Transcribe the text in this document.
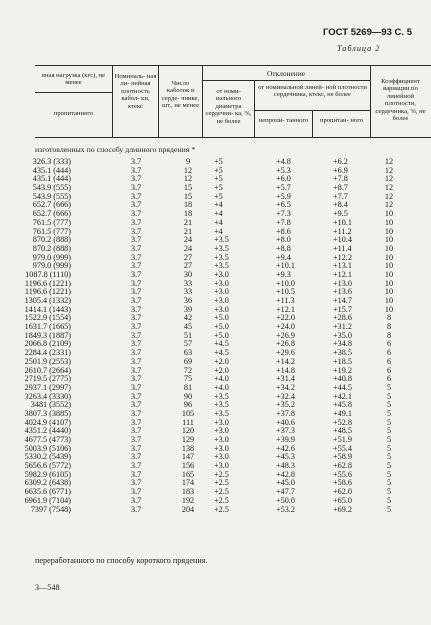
ГОСТ 5269—93 С. 5
Таблица 2
вная нагрузка (кгс), не менее
пропитанного
Номиналь- ная ли- нейная плотность кабол- ки, ктекс
Число каболок в серде- чнике, шт., не менее
Отклонение
от номи- нального диаметра сердечни- ка, %, не более
от номинальной линей- ной плотности сердечника, ктекс, не более
непропи- танного	пропитан- ного
Коэффициент вариации по линейной плотности, сердечника, %, не более
изготовленных по способу длинного прядения *
326.3 (333)	3.7	9	+5	+4.8	+6.2	12
435.1 (444)	3.7	12	+5	+5.3	+6.9	12
435.1 (444)	3.7	12	+5	+6.0	+7.8	12
543.9 (555)	3.7	15	+5	+5.7	+8.7	12
543.9 (555)	3.7	15	+5	+5.9	+7.7	12
652.7 (666)	3.7	18	+4	+6.5	+8.4	12
652.7 (666)	3.7	18	+4	+7.3	+9.5	10
761.5 (777)	3.7	21	+4	+7.8	+10.1	10
761.5 (777)	3.7	21	+4	+8.6	+11.2	10
870.2 (888)	3.7	24	+3.5	+8.0	+10.4	10
870.2 (888)	3.7	24	+3.5	+8.8	+11.4	10
979.0 (999)	3.7	27	+3.5	+9.4	+12.2	10
979.0 (999)	3.7	27	+3.5	+10.1	+13.1	10
1087.8 (1110)	3.7	30	+3.0	+9.3	+12.1	10
1196.6 (1221)	3.7	33	+3.0	+10.0	+13.0	10
1196.6 (1221)	3.7	33	+3.0	+10.5	+13.6	10
1305.4 (1332)	3.7	36	+3.0	+11.3	+14.7	10
1414.1 (1443)	3.7	39	+3.0	+12.1	+15.7	10
1522.9 (1554)	3.7	42	+5.0	+22.0	+28.6	8
1631.7 (1665)	3.7	45	+5.0	+24.0	+31.2	8
1849.3 (1887)	3.7	51	+5.0	+26.9	+35.0	8
2066.8 (2109)	3.7	57	+4.5	+26.8	+34.8	6
2284.4 (2331)	3.7	63	+4.5	+29.6	+38.5	6
2501.9 (2553)	3.7	69	+2.0	+14.2	+18.5	6
2610.7 (2664)	3.7	72	+2.0	+14.8	+19.2	6
2719.5 (2775)	3.7	75	+4.0	+31.4	+40.8	6
2937.1 (2997)	3.7	81	+4.0	+34.2	+44.5	5
3263.4 (3330)	3.7	90	+3.5	+32.4	+42.1	5
3481 (3552)	3.7	96	+3.5	+35.2	+45.8	5
3807.3 (3885)	3.7	105	+3.5	+37.8	+49.1	5
4024.9 (4107)	3.7	111	+3.0	+40.6	+52.8	5
4351.2 (4440)	3.7	120	+3.0	+37.3	+48.5	5
4677.5 (4773)	3.7	129	+3.0	+39.9	+51.9	5
5003.9 (5106)	3.7	138	+3.0	+42.6	+55.4	5
5330.2 (5439)	3.7	147	+3.0	+45.3	+58.9	5
5656.6 (5772)	3.7	156	+3.0	+48.3	+62.8	5
5982.9 (6105)	3.7	165	+2.5	+42.8	+55.6	5
6309.2 (6438)	3.7	174	+2.5	+45.0	+58.6	5
6635.6 (6771)	3.7	183	+2.5	+47.7	+62.0	5
6961.9 (7104)	3.7	192	+2.5	+50.0	+65.0	5
7397 (7548)	3.7	204	+2.5	+53.2	+69.2	5
переработанного по способу короткого прядения.
3—548
